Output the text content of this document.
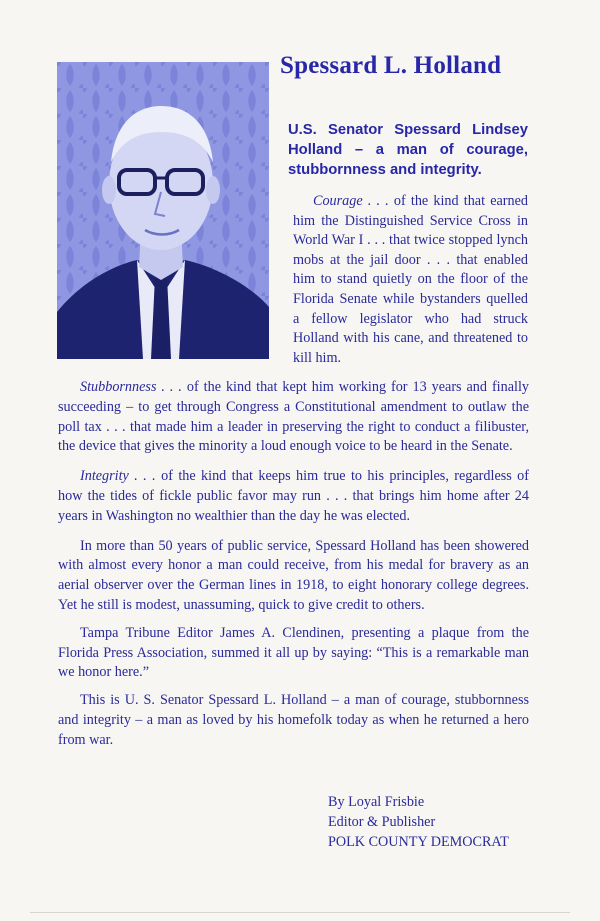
Spessard L. Holland
U.S. Senator Spessard Lindsey Holland – a man of courage, stubbornness and integrity.
Courage . . . of the kind that earned him the Distinguished Service Cross in World War I . . . that twice stopped lynch mobs at the jail door . . . that enabled him to stand quietly on the floor of the Florida Senate while bystanders quelled a fellow legislator who had struck Holland with his cane, and threatened to kill him.

Stubbornness . . . of the kind that kept him working for 13 years and finally succeeding – to get through Congress a Constitutional amendment to outlaw the poll tax . . . that made him a leader in preserving the right to conduct a filibuster, the device that gives the minority a loud enough voice to be heard in the Senate.

Integrity . . . of the kind that keeps him true to his principles, regardless of how the tides of fickle public favor may run . . . that brings him home after 24 years in Washington no wealthier than the day he was elected.

In more than 50 years of public service, Spessard Holland has been showered with almost every honor a man could receive, from his medal for bravery as an aerial observer over the German lines in 1918, to eight honorary college degrees. Yet he still is modest, unassuming, quick to give credit to others.

Tampa Tribune Editor James A. Clendinen, presenting a plaque from the Florida Press Association, summed it all up by saying: “This is a remarkable man we honor here.”

This is U. S. Senator Spessard L. Holland – a man of courage, stubbornness and integrity – a man as loved by his homefolk today as when he returned a hero from war.

By Loyal Frisbie
Editor & Publisher
POLK COUNTY DEMOCRAT
